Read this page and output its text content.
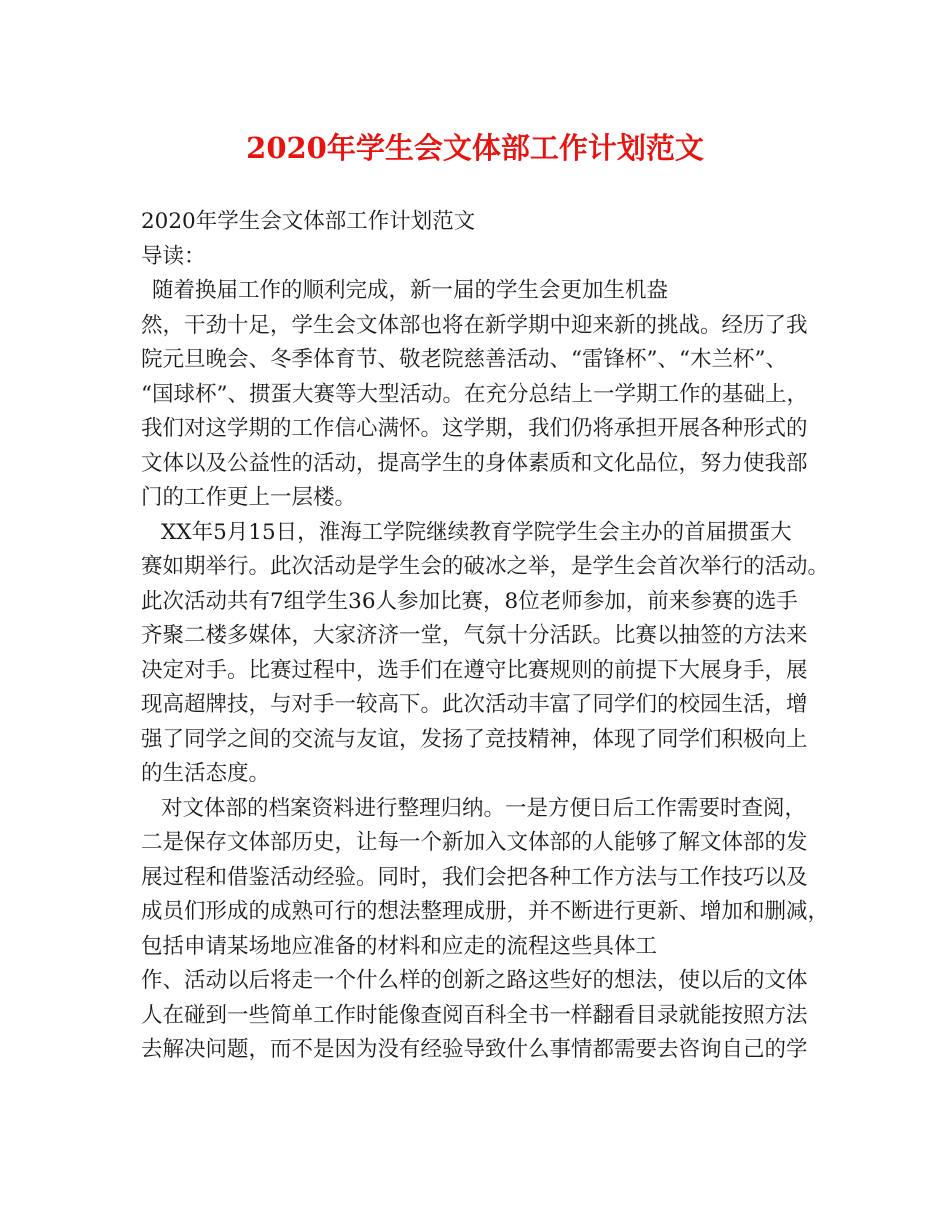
2020年学生会文体部工作计划范文
2020年学生会文体部工作计划范文
导读：
随着换届工作的顺利完成，新一届的学生会更加生机盎
然，干劲十足，学生会文体部也将在新学期中迎来新的挑战。经历了我
院元旦晚会、冬季体育节、敬老院慈善活动、“雷锋杯”、“木兰杯”、
“国球杯”、掼蛋大赛等大型活动。在充分总结上一学期工作的基础上，
我们对这学期的工作信心满怀。这学期，我们仍将承担开展各种形式的
文体以及公益性的活动，提高学生的身体素质和文化品位，努力使我部
门的工作更上一层楼。
XX年5月15日，淮海工学院继续教育学院学生会主办的首届掼蛋大
赛如期举行。此次活动是学生会的破冰之举，是学生会首次举行的活动。
此次活动共有7组学生36人参加比赛，8位老师参加，前来参赛的选手
齐聚二楼多媒体，大家济济一堂，气氛十分活跃。比赛以抽签的方法来
决定对手。比赛过程中，选手们在遵守比赛规则的前提下大展身手，展
现高超牌技，与对手一较高下。此次活动丰富了同学们的校园生活，增
强了同学之间的交流与友谊，发扬了竞技精神，体现了同学们积极向上
的生活态度。
对文体部的档案资料进行整理归纳。一是方便日后工作需要时查阅，
二是保存文体部历史，让每一个新加入文体部的人能够了解文体部的发
展过程和借鉴活动经验。同时，我们会把各种工作方法与工作技巧以及
成员们形成的成熟可行的想法整理成册，并不断进行更新、增加和删减，
包括申请某场地应准备的材料和应走的流程这些具体工
作、活动以后将走一个什么样的创新之路这些好的想法，使以后的文体
人在碰到一些简单工作时能像查阅百科全书一样翻看目录就能按照方法
去解决问题，而不是因为没有经验导致什么事情都需要去咨询自己的学
